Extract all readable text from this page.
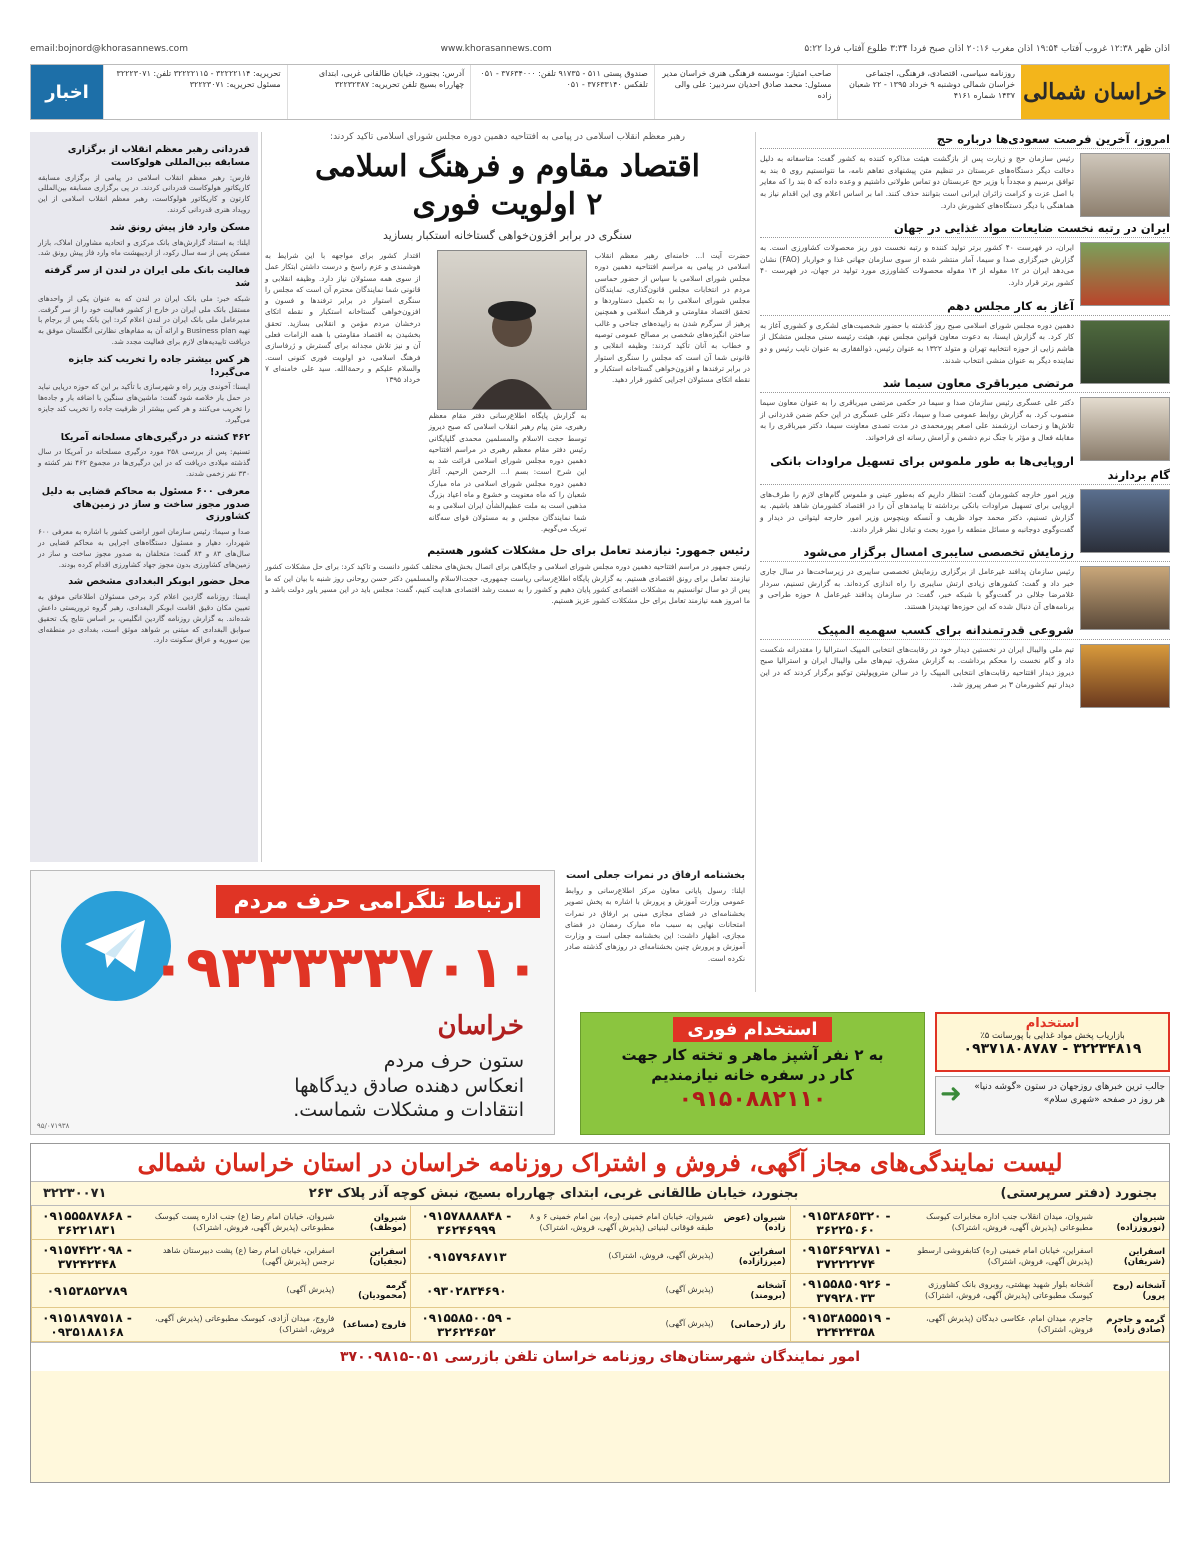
اذان ظهر ۱۲:۳۸ غروب آفتاب ۱۹:۵۴ اذان مغرب ۲۰:۱۶ اذان صبح فردا ۳:۳۴ طلوع آفتاب فردا ۵:۲۲
www.khorasannews.com
email:bojnord@khorasannews.com
خراسان شمالی
روزنامه سیاسی، اقتصادی، فرهنگی، اجتماعی خراسان شمالی دوشنبه ۹ خرداد ۱۳۹۵ - ۲۲ شعبان ۱۴۳۷ شماره ۴۱۶۱
صاحب امتیاز: موسسه فرهنگی هنری خراسان مدیر مسئول: محمد صادق احدیان سردبیر: علی والی زاده
صندوق پستی ۵۱۱ - ۹۱۷۳۵ تلفن: ۳۷۶۳۴۰۰۰ - ۰۵۱ تلفکس ۳۷۶۳۳۱۴۰ - ۰۵۱
آدرس: بجنورد، خیابان طالقانی غربی، ابتدای چهارراه بسیج تلفن تحریریه: ۳۲۲۳۲۳۸۷
تحریریه: ۳۲۲۲۲۱۱۴ - ۳۲۲۲۲۱۱۵ تلفن: ۳۲۲۲۳۰۷۱ مسئول تحریریه: ۳۲۲۲۳۰۷۱
اخبار
امروز، آخرین فرصت سعودی‌ها درباره حج

رئیس سازمان حج و زیارت پس از بازگشت هیئت مذاکره کننده به کشور گفت: متاسفانه به دلیل دخالت دیگر دستگاه‌های عربستان در تنظیم متن پیشنهادی تفاهم نامه، ما نتوانستیم روی ۵ بند به توافق برسیم و مجدداً با وزیر حج عربستان دو تماس طولانی داشتیم و وعده داده که ۵ بند را که مغایر با اصل عزت و کرامت زائران ایرانی است بتوانند حذف کنند. اما بر اساس اعلام وی این اقدام نیاز به هماهنگی با دیگر دستگاه‌های کشورش دارد.

ایران در رتبه نخست ضایعات مواد غذایی در جهان

ایران، در فهرست ۴۰ کشور برتر تولید کننده و رتبه نخست دور ریز محصولات کشاورزی است. به گزارش خبرگزاری صدا و سیما، آمار منتشر شده از سوی سازمان جهانی غذا و خواربار (FAO) نشان می‌دهد ایران در ۱۲ مقوله از ۱۳ مقوله محصولات کشاورزی مورد تولید در جهان، در فهرست ۴۰ کشور برتر قرار دارد.

آغاز به کار مجلس دهم

دهمین دوره مجلس شورای اسلامی صبح روز گذشته با حضور شخصیت‌های لشکری و کشوری آغاز به کار کرد. به گزارش ایسنا، به دعوت معاون قوانین مجلس نهم، هیئت رئیسه سنی مجلس متشکل از هاشم زایی از حوزه انتخابیه تهران و متولد ۱۳۲۲ به عنوان رئیس، ذوالفقاری به عنوان نایب رئیس و دو نماینده دیگر به عنوان منشی انتخاب شدند.

مرتضی میرباقری معاون سیما شد

دکتر علی عسگری رئیس سازمان صدا و سیما در حکمی مرتضی میرباقری را به عنوان معاون سیما منصوب کرد. به گزارش روابط عمومی صدا و سیما، دکتر علی عسگری در این حکم ضمن قدردانی از تلاش‌ها و زحمات ارزشمند علی اصغر پورمحمدی در مدت تصدی معاونت سیما، دکتر میرباقری را به مقابله فعال و مؤثر با جنگ نرم دشمن و آرامش رسانه ای فراخواند.

اروپایی‌ها به طور ملموس برای تسهیل مراودات بانکی گام بردارند

وزیر امور خارجه کشورمان گفت: انتظار داریم که به‌طور عینی و ملموس گام‌های لازم را طرف‌های اروپایی برای تسهیل مراودات بانکی برداشته تا پیامدهای آن را در اقتصاد کشورمان شاهد باشیم. به گزارش تسنیم، دکتر محمد جواد ظریف و آنسکه وینچوس وزیر امور خارجه لیتوانی در دیدار و گفت‌وگوی دوجانبه و مسائل منطقه را مورد بحث و تبادل نظر قرار دادند.

رزمایش تخصصی سایبری امسال برگزار می‌شود

رئیس سازمان پدافند غیرعامل از برگزاری رزمایش تخصصی سایبری در زیرساخت‌ها در سال جاری خبر داد و گفت: کشورهای زیادی ارتش سایبری را راه اندازی کرده‌اند. به گزارش تسنیم، سردار غلامرضا جلالی در گفت‌وگو با شبکه خبر، گفت: در سازمان پدافند غیرعامل ۸ حوزه طراحی و برنامه‌های آن دنبال شده که این حوزه‌ها تهدیدزا هستند.

شروعی قدرتمندانه برای کسب سهمیه المپیک

تیم ملی والیبال ایران در نخستین دیدار خود در رقابت‌های انتخابی المپیک استرالیا را مقتدرانه شکست داد و گام نخست را محکم برداشت. به گزارش مشرق، تیم‌های ملی والیبال ایران و استرالیا صبح دیروز دیدار افتتاحیه رقابت‌های انتخابی المپیک را در سالن متروپولیتن توکیو برگزار کردند که در این دیدار تیم کشورمان ۳ بر صفر پیروز شد.

رهبر معظم انقلاب اسلامی در پیامی به افتتاحیه دهمین دوره مجلس شورای اسلامی تاکید کردند:
اقتصاد مقاوم و فرهنگ اسلامی
۲ اولویت فوری
سنگری در برابر افزون‌خواهی گستاخانه استکبار بسازید

حضرت آیت ا... خامنه‌ای رهبر معظم انقلاب اسلامی در پیامی به مراسم افتتاحیه دهمین دوره مجلس شورای اسلامی با سپاس از حضور حماسی مردم در انتخابات مجلس قانون‌گذاری، نمایندگان مجلس شورای اسلامی را به تکمیل دستاوردها و تحقق اقتصاد مقاومتی و فرهنگ اسلامی و همچنین پرهیز از سرگرم شدن به زاییده‌های جناحی و غالب ساختن انگیزه‌های شخصی بر مصالح عمومی توصیه و خطاب به آنان تأکید کردند: وظیفه انقلابی و قانونی شما آن است که مجلس را سنگری استوار در برابر ترفندها و افزون‌خواهی گستاخانه استکبار و نقطه اتکای مسئولان اجرایی کشور قرار دهید.

به گزارش پایگاه اطلاع‌رسانی دفتر مقام معظم رهبری، متن پیام رهبر انقلاب اسلامی که صبح دیروز توسط حجت الاسلام والمسلمین محمدی گلپایگانی رئیس دفتر مقام معظم رهبری در مراسم افتتاحیه دهمین دوره مجلس شورای اسلامی قرائت شد به این شرح است: بسم ا... الرحمن الرحیم. آغاز دهمین دوره مجلس شورای اسلامی در ماه مبارک شعبان را که ماه معنویت و خشوع و ماه اعیاد بزرگ مذهبی است به ملت عظیم‌الشأن ایران اسلامی و به شما نمایندگان مجلس و به مسئولان قوای سه‌گانه تبریک می‌گویم.

اقتدار کشور برای مواجهه با این شرایط به هوشمندی و عزم راسخ و درست داشتن ابتکار عمل از سوی همه مسئولان نیاز دارد. وظیفه انقلابی و قانونی شما نمایندگان محترم آن است که مجلس را سنگری استوار در برابر ترفندها و فسون و افزون‌خواهی گستاخانه استکبار و نقطه اتکای درخشان مردم مؤمن و انقلابی بسازید. تحقق بخشیدن به اقتصاد مقاومتی با همه الزامات فعلی آن و نیز تلاش مجدانه برای گسترش و ژرفاسازی فرهنگ اسلامی، دو اولویت فوری کنونی است. والسلام علیکم و رحمة‌الله. سید علی خامنه‌ای ۷ خرداد ۱۳۹۵

رئیس جمهور: نیازمند تعامل برای حل مشکلات کشور هستیم

رئیس جمهور در مراسم افتتاحیه دهمین دوره مجلس شورای اسلامی و جایگاهی برای اتصال بخش‌های مختلف کشور دانست و تاکید کرد: برای حل مشکلات کشور نیازمند تعامل برای رونق اقتصادی هستیم. به گزارش پایگاه اطلاع‌رسانی ریاست جمهوری، حجت‌الاسلام والمسلمین دکتر حسن روحانی روز شنبه با بیان این که ما پس از دو سال توانستیم به مشکلات اقتصادی کشور پایان دهیم و کشور را به سمت رشد اقتصادی هدایت کنیم، گفت: مجلس باید در این مسیر یاور دولت باشد و ما امروز همه نیازمند تعامل برای حل مشکلات کشور عزیز هستیم.

قدردانی رهبر معظم انقلاب از برگزاری مسابقه بین‌المللی هولوکاست

فارس: رهبر معظم انقلاب اسلامی در پیامی از برگزاری مسابقه کاریکاتور هولوکاست قدردانی کردند. در پی برگزاری مسابقه بین‌المللی کارتون و کاریکاتور هولوکاست، رهبر معظم انقلاب اسلامی از این رویداد هنری قدردانی کردند.

مسکن وارد فاز پیش رونق شد

ایلنا: به استناد گزارش‌های بانک مرکزی و اتحادیه مشاوران املاک، بازار مسکن پس از سه سال رکود، از اردیبهشت ماه وارد فاز پیش رونق شد.

فعالیت بانک ملی ایران در لندن از سر گرفته شد

شبکه خبر: ملی بانک ایران در لندن که به عنوان یکی از واحدهای مستقل بانک ملی ایران در خارج از کشور فعالیت خود را از سر گرفت. مدیرعامل ملی بانک ایران در لندن اعلام کرد: این بانک پس از برجام با تهیه Business plan و ارائه آن به مقام‌های نظارتی انگلستان موفق به دریافت تاییدیه‌های لازم برای فعالیت مجدد شد.

هر کس بیشتر جاده را تخریب کند جایزه می‌گیرد!

ایسنا: آخوندی وزیر راه و شهرسازی با تأکید بر این که حوزه دریایی نباید در حمل بار خلاصه شود گفت: ماشین‌های سنگین با اضافه بار و جاده‌ها را تخریب می‌کنند و هر کس بیشتر از ظرفیت جاده را تخریب کند جایزه می‌گیرد.

۴۶۲ کشته در درگیری‌های مسلحانه آمریکا

تسنیم: پس از بررسی ۲۵۸ مورد درگیری مسلحانه در آمریکا در سال گذشته میلادی دریافت که در این درگیری‌ها در مجموع ۴۶۲ نفر کشته و ۳۳۰ نفر زخمی شدند.

معرفی ۶۰۰ مسئول به محاکم قضایی به دلیل صدور مجوز ساخت و ساز در زمین‌های کشاورزی

صدا و سیما: رئیس سازمان امور اراضی کشور با اشاره به معرفی ۶۰۰ شهردار، دهیار و مسئول دستگاه‌های اجرایی به محاکم قضایی در سال‌های ۸۳ و ۸۴ گفت: متخلفان به صدور مجوز ساخت و ساز در زمین‌های کشاورزی بدون مجوز جهاد کشاورزی اقدام کرده بودند.

محل حضور ابوبکر البغدادی مشخص شد

ایسنا: روزنامه گاردین اعلام کرد برخی مسئولان اطلاعاتی موفق به تعیین مکان دقیق اقامت ابوبکر البغدادی، رهبر گروه تروریستی داعش شده‌اند. به گزارش روزنامه گاردین انگلیس، بر اساس نتایج یک تحقیق سوابق البغدادی که مبتنی بر شواهد موثق است، بغدادی در منطقه‌ای بین سوریه و عراق سکونت دارد.

ارتباط تلگرامی حرف مردم
۰۹۳۳۳۳۳۷۰۱۰
خراسان
ستون حرف مردم
انعکاس دهنده صادق دیدگاهها
انتقادات و مشکلات شماست.
۹۵/۰۷۱۹۳۸
بخشنامه ارفاق در نمرات جعلی است

ایلنا: رسول پایانی معاون مرکز اطلاع‌رسانی و روابط عمومی وزارت آموزش و پرورش با اشاره به پخش تصویر بخشنامه‌ای در فضای مجازی مبنی بر ارفاق در نمرات امتحانات نهایی به سبب ماه مبارک رمضان در فضای مجازی، اظهار داشت: این بخشنامه جعلی است و وزارت آموزش و پرورش چنین بخشنامه‌ای در روزهای گذشته صادر نکرده است.

استخدام فوری
به ۲ نفر آشپز ماهر و تخته کار جهت
کار در سفره خانه نیازمندیم
۰۹۱۵۰۸۸۲۱۱۰
استخدام
بازاریاب پخش مواد غذایی با پورسانت ۵٪
۳۲۲۳۴۸۱۹ - ۰۹۳۷۱۸۰۸۷۸۷
➜ جالب ترین خبرهای روزجهان در ستون «گوشه دنیا» هر روز در صفحه «شهری سلام»
لیست نمایندگی‌های مجاز آگهی، فروش و اشتراک روزنامه خراسان در استان خراسان شمالی
بجنورد (دفتر سرپرستی)
بجنورد، خیابان طالقانی غربی، ابتدای چهارراه بسیج، نبش کوچه آذر پلاک ۲۶۳
۳۲۲۳۰۰۷۱
شیروان (نوروززاده)
شیروان، میدان انقلاب جنب اداره مخابرات کیوسک مطبوعاتی (پذیرش آگهی، فروش، اشتراک)
۰۹۱۵۳۸۶۵۳۲۰ - ۳۶۲۲۵۰۶۰
شیروان (عوض زاده)
شیروان، خیابان امام خمینی (ره)، بین امام خمینی ۶ و ۸ طبقه فوقانی لبنیاتی (پذیرش آگهی، فروش، اشتراک)
۰۹۱۵۷۸۸۸۸۴۸ - ۳۶۲۴۶۹۹۹
شیروان (موظف)
شیروان، خیابان امام رضا (ع) جنب اداره پست کیوسک مطبوعاتی (پذیرش آگهی، فروش، اشتراک)
۰۹۱۵۵۵۸۷۸۶۸ - ۳۶۲۲۱۸۳۱
اسفراین (شریفان)
اسفراین، خیابان امام خمینی (ره) کتابفروشی ارسطو (پذیرش آگهی، فروش، اشتراک)
۰۹۱۵۳۶۹۲۷۸۱ - ۳۷۲۲۲۲۷۴
اسفراین (میرزازاده)
(پذیرش آگهی، فروش، اشتراک)
۰۹۱۵۷۹۶۸۷۱۳
اسفراین (نجفیان)
اسفراین، خیابان امام رضا (ع) پشت دبیرستان شاهد نرجس (پذیرش آگهی)
۰۹۱۵۷۴۲۲۰۹۸ - ۳۷۲۴۲۴۴۸
آشخانه (روح پرور)
آشخانه بلوار شهید بهشتی، روبروی بانک کشاورزی کیوسک مطبوعاتی (پذیرش آگهی، فروش، اشتراک)
۰۹۱۵۵۸۵۰۹۲۶ - ۳۷۹۲۸۰۳۳
آشخانه (برومند)
(پذیرش آگهی)
۰۹۳۰۲۸۳۴۶۹۰
گرمه (محمودیان)
(پذیرش آگهی)
۰۹۱۵۳۸۵۲۷۸۹
گرمه و جاجرم (صادق زاده)
جاجرم، میدان امام، عکاسی دیدگان (پذیرش آگهی، فروش، اشتراک)
۰۹۱۵۳۸۵۵۵۱۹ - ۳۲۴۲۴۳۵۸
راز (رحمانی)
(پذیرش آگهی)
۰۹۱۵۵۸۵۰۰۵۹ - ۳۲۶۲۴۶۵۲
فاروج (مساعد)
فاروج، میدان آزادی، کیوسک مطبوعاتی (پذیرش آگهی، فروش، اشتراک)
۰۹۱۵۱۸۹۷۵۱۸ - ۰۹۳۵۱۸۸۱۶۸
امور نمایندگان شهرستان‌های روزنامه خراسان تلفن بازرسی ۰۵۱-۳۷۰۰۹۸۱۵
